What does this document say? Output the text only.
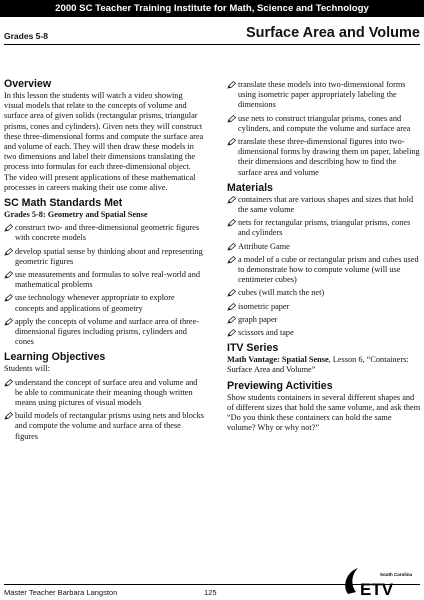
2000 SC Teacher Training Institute for Math, Science and Technology
Grades 5-8	Surface Area and Volume
Overview

In this lesson the students will watch a video showing visual models that relate to the concepts of volume and surface area of given solids (rectangular prisms, triangular prisms, cones and cylinders). Given nets they will construct these three-dimensional forms and compute the surface area and volume of each. They will then draw these models in two dimensions and label their dimensions translating the process into formulas for each three-dimensional object. The video will present applications of these mathematical processes in careers making their use come alive.

SC Math Standards Met

Grades 5-8: Geometry and Spatial Sense

construct two- and three-dimensional geometric figures with concrete models
develop spatial sense by thinking about and representing geometric figures
use measurements and formulas to solve real-world and mathematical problems
use technology whenever appropriate to explore concepts and applications of geometry
apply the concepts of volume and surface area of three-dimensional figures including prisms, cylinders and cones
Learning Objectives

Students will:

understand the concept of surface area and volume and be able to communicate their meaning though written means using pictures of visual models
build models of rectangular prisms using nets and blocks and compute the volume and surface area of these figures
translate these models into two-dimensional forms using isometric paper appropriately labeling the dimensions
use nets to construct triangular prisms, cones and cylinders, and compute the volume and surface area
translate these three-dimensional figures into two-dimensional forms by drawing them on paper, labeling their dimensions and describing how to find the surface area and volume
Materials
containers that are various shapes and sizes that hold the same volume
nets for rectangular prisms, triangular prisms, cones and cylinders
Attribute Game
a model of a cube or rectangular prism and cubes used to demonstrate how to compute volume (will use centimeter cubes)
cubes (will match the net)
isometric paper
graph paper
scissors and tape
ITV Series

Math Vantage: Spatial Sense, Lesson 6, “Containers: Surface Area and Volume”

Previewing Activities

Show students containers in several different shapes and of different sizes that hold the same volume, and ask them “Do you think these containers can hold the same volume? Why or why not?”

Master Teacher Barbara Langston	125
South Carolina
ETV
